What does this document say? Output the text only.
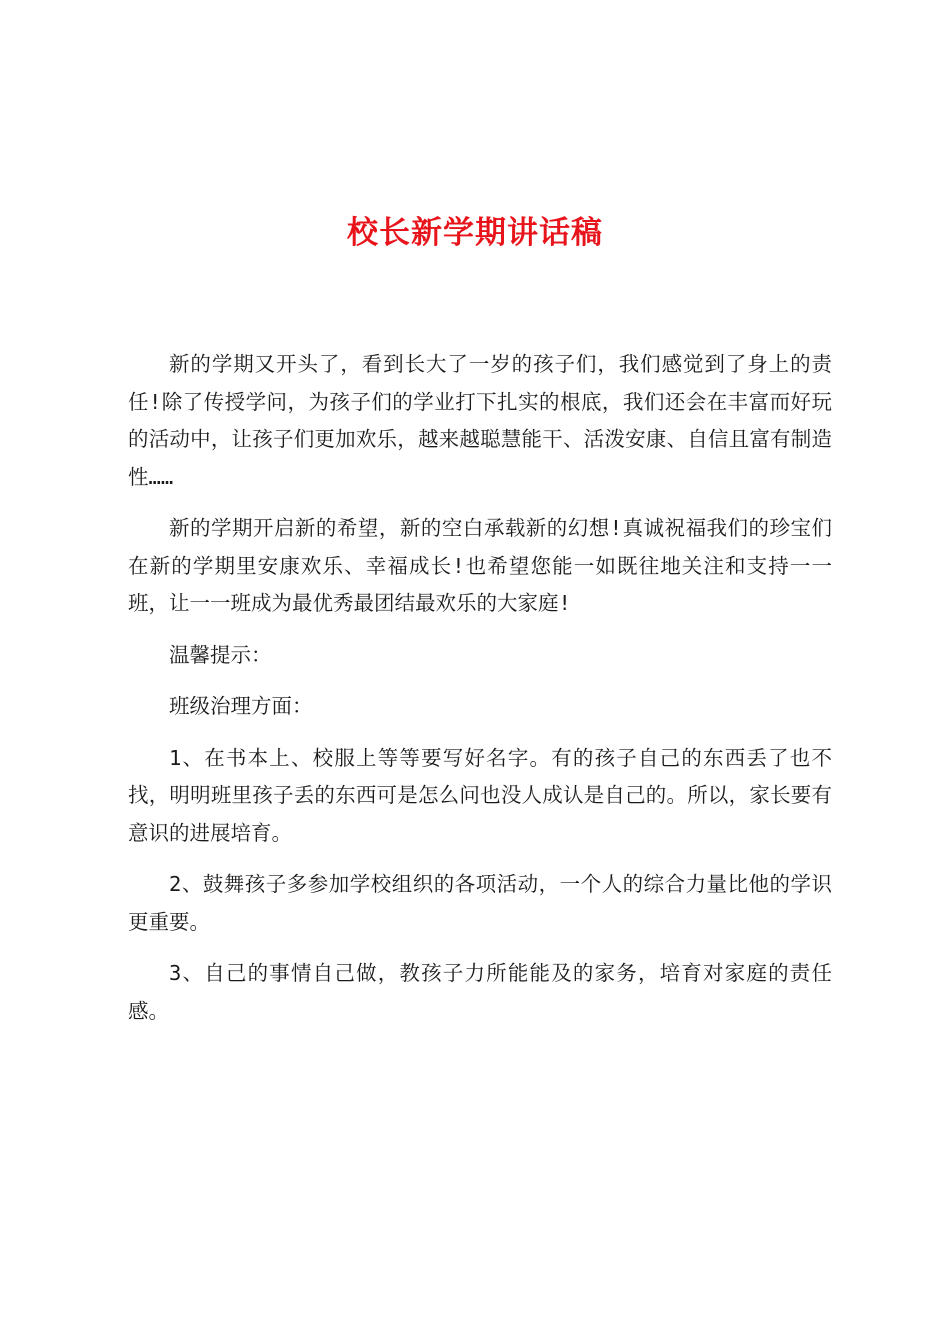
校长新学期讲话稿

新的学期又开头了，看到长大了一岁的孩子们，我们感觉到了身上的责任!除了传授学问，为孩子们的学业打下扎实的根底，我们还会在丰富而好玩的活动中，让孩子们更加欢乐，越来越聪慧能干、活泼安康、自信且富有制造性……

新的学期开启新的希望，新的空白承载新的幻想!真诚祝福我们的珍宝们在新的学期里安康欢乐、幸福成长!也希望您能一如既往地关注和支持一一班，让一一班成为最优秀最团结最欢乐的大家庭!

温馨提示：

班级治理方面：

1、在书本上、校服上等等要写好名字。有的孩子自己的东西丢了也不找，明明班里孩子丢的东西可是怎么问也没人成认是自己的。所以，家长要有意识的进展培育。

2、鼓舞孩子多参加学校组织的各项活动，一个人的综合力量比他的学识更重要。

3、自己的事情自己做，教孩子力所能能及的家务，培育对家庭的责任感。
